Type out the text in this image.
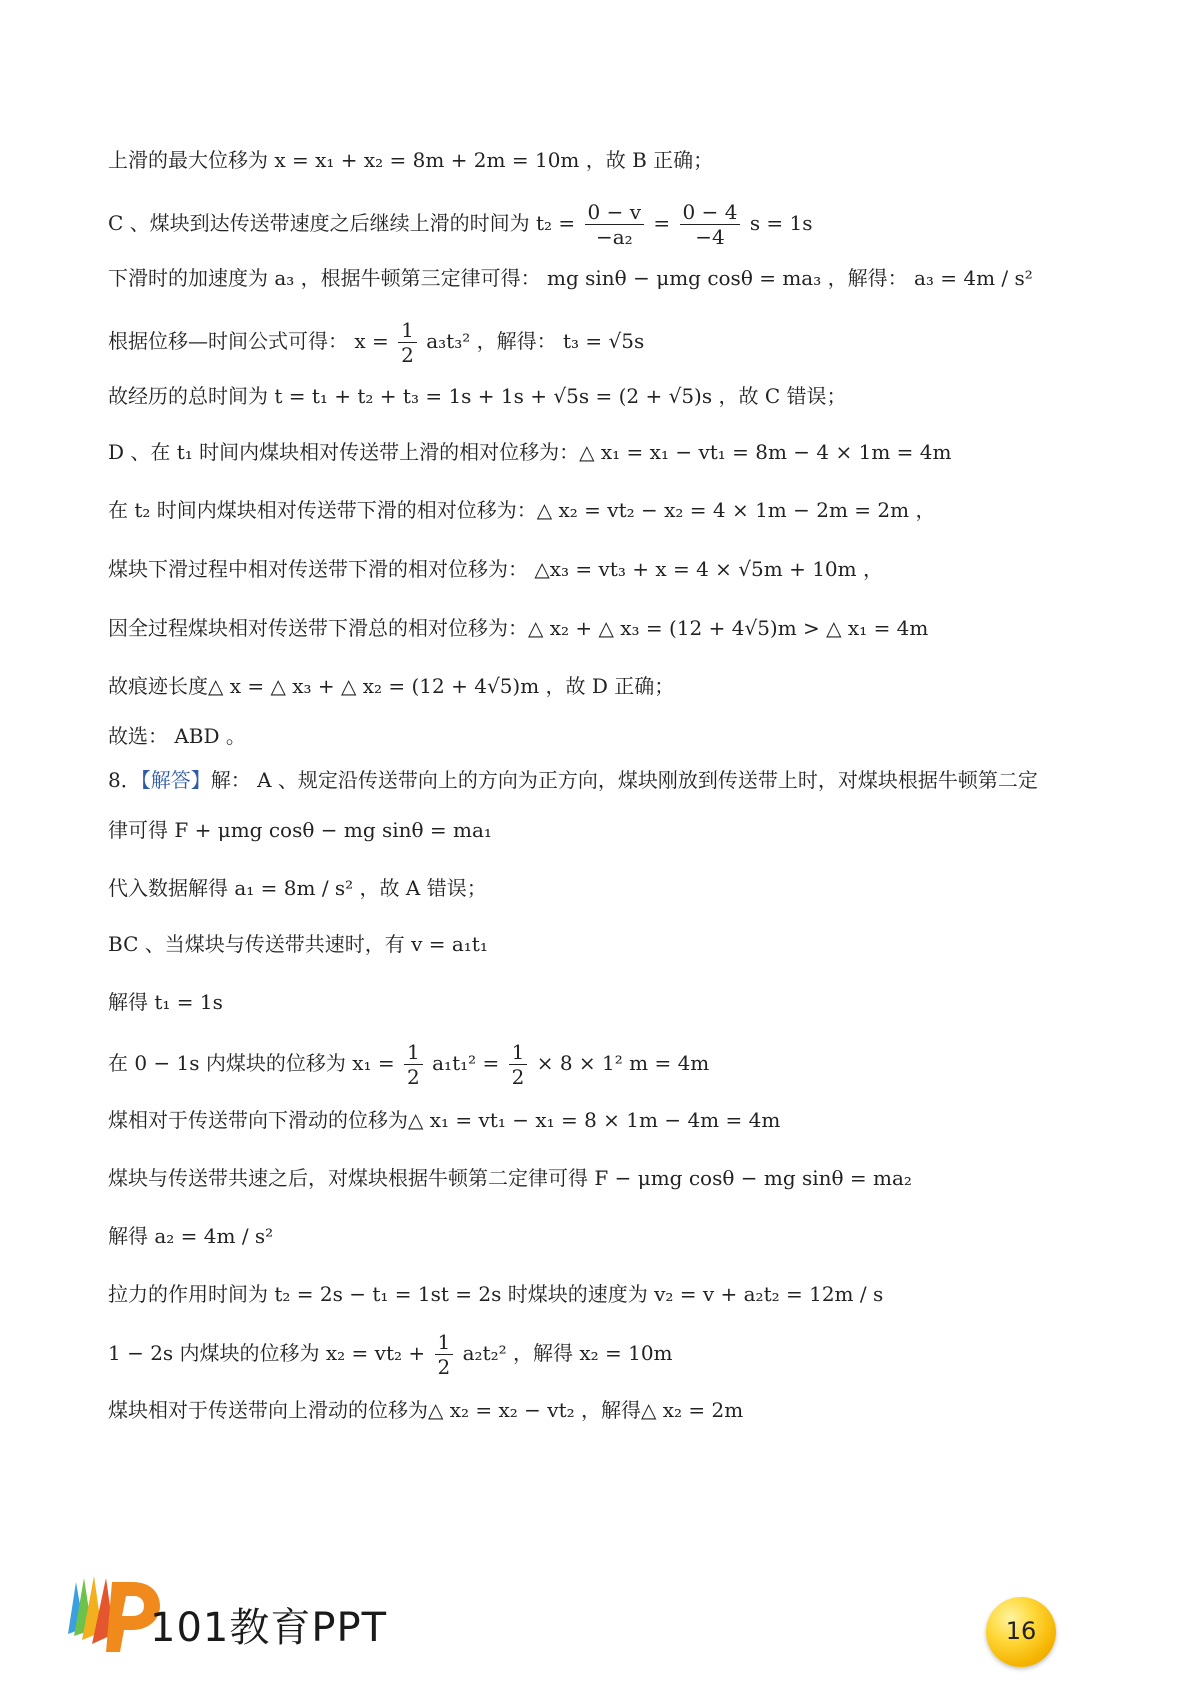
上滑的最大位移为 x = x₁ + x₂ = 8m + 2m = 10m ，故 B 正确；
C 、煤块到达传送带速度之后继续上滑的时间为 $t_2 = \frac{0 - v}{\text{−a₂}} = \frac{0 - 4}{-4}$ s = 1s
下滑时的加速度为 a₃ ，根据牛顿第三定律可得： mg sinθ − μmg cosθ = ma₃ ，解得： a₃ = 4m / s²
根据位移—时间公式可得： $x = \frac{1}{2} a_3t_3^2$ ，解得： t₃ = √5s
故经历的总时间为 t = t₁ + t₂ + t₃ = 1s + 1s + √5s = (2 + √5)s ，故 C 错误；
D 、在 t₁ 时间内煤块相对传送带上滑的相对位移为：△ x₁ = x₁ − vt₁ = 8m − 4 × 1m = 4m
在 t₂ 时间内煤块相对传送带下滑的相对位移为：△ x₂ = vt₂ − x₂ = 4 × 1m − 2m = 2m ，
煤块下滑过程中相对传送带下滑的相对位移为： △x₃ = vt₃ + x = 4 × √5m + 10m ，
因全过程煤块相对传送带下滑总的相对位移为：△ x₂ + △ x₃ = (12 + 4√5)m > △ x₁ = 4m
故痕迹长度△ x = △ x₃ + △ x₂ = (12 + 4√5)m ，故 D 正确；
故选： ABD 。
8．【解答】解： A 、规定沿传送带向上的方向为正方向，煤块刚放到传送带上时，对煤块根据牛顿第二定
律可得 F + μmg cosθ − mg sinθ = ma₁
代入数据解得 a₁ = 8m / s² ，故 A 错误；
BC 、当煤块与传送带共速时，有 v = a₁t₁
解得 t₁ = 1s
在 0 − 1s 内煤块的位移为 $x_1 = \frac{1}{2} a_1t_1^2 = \frac{1}{2} \times 8 \times 1^2$ m = 4m
煤相对于传送带向下滑动的位移为△ x₁ = vt₁ − x₁ = 8 × 1m − 4m = 4m
煤块与传送带共速之后，对煤块根据牛顿第二定律可得 F − μmg cosθ − mg sinθ = ma₂
解得 a₂ = 4m / s²
拉力的作用时间为 t₂ = 2s − t₁ = 1st = 2s 时煤块的速度为 v₂ = v + a₂t₂ = 12m / s
1 − 2s 内煤块的位移为 $x_2 = vt_2 + \frac{1}{2} a_2t_2^2$ ，解得 x₂ = 10m
煤块相对于传送带向上滑动的位移为△ x₂ = x₂ − vt₂ ，解得△ x₂ = 2m
101教育PPT	16
